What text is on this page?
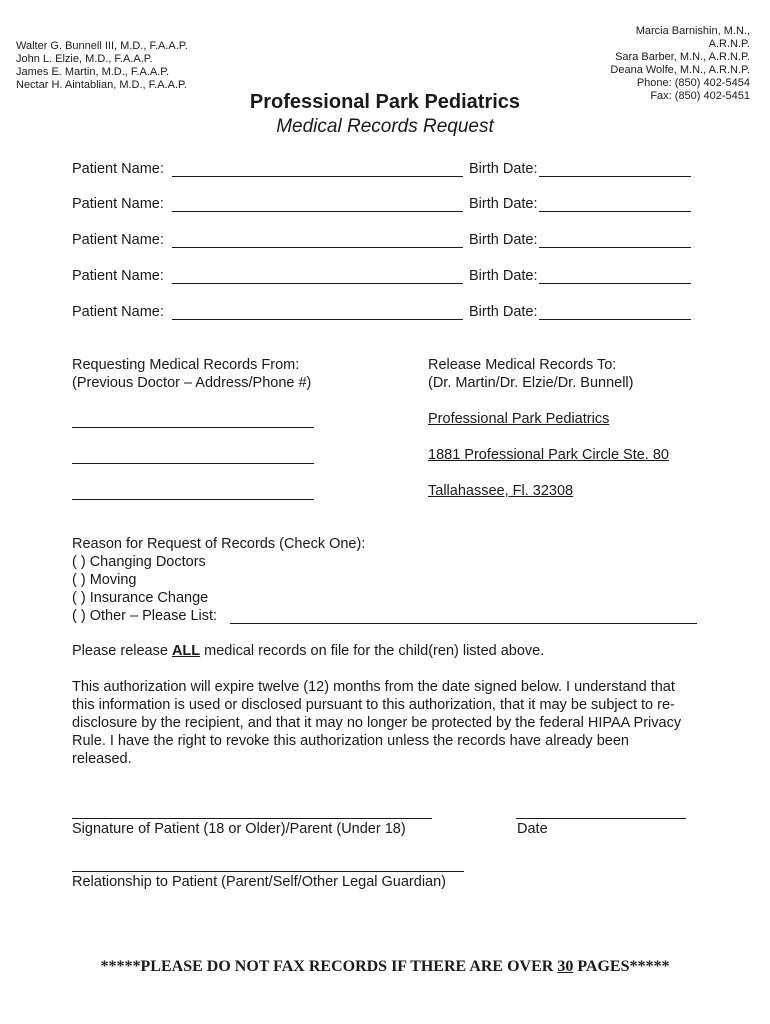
Walter G. Bunnell III, M.D., F.A.A.P.
John L. Elzie, M.D., F.A.A.P.
James E. Martin, M.D., F.A.A.P.
Nectar H. Aintablian, M.D., F.A.A.P.
Marcia Barnishin, M.N.,
A.R.N.P.
Sara Barber, M.N., A.R.N.P.
Deana Wolfe, M.N., A.R.N.P.
Phone: (850) 402-5454
Fax: (850) 402-5451
Professional Park Pediatrics
Medical Records Request
Patient Name:	Birth Date:
Patient Name:	Birth Date:
Patient Name:	Birth Date:
Patient Name:	Birth Date:
Patient Name:	Birth Date:
Requesting Medical Records From:
(Previous Doctor – Address/Phone #)
Release Medical Records To:
(Dr. Martin/Dr. Elzie/Dr. Bunnell)
Professional Park Pediatrics
1881 Professional Park Circle Ste. 80
Tallahassee, Fl. 32308
Reason for Request of Records (Check One):
( ) Changing Doctors
( ) Moving
( ) Insurance Change
( ) Other – Please List:
Please release ALL medical records on file for the child(ren) listed above.
This authorization will expire twelve (12) months from the date signed below. I understand that this information is used or disclosed pursuant to this authorization, that it may be subject to re-disclosure by the recipient, and that it may no longer be protected by the federal HIPAA Privacy Rule. I have the right to revoke this authorization unless the records have already been released.
Signature of Patient (18 or Older)/Parent (Under 18)	Date
Relationship to Patient (Parent/Self/Other Legal Guardian)
*****PLEASE DO NOT FAX RECORDS IF THERE ARE OVER 30 PAGES*****
